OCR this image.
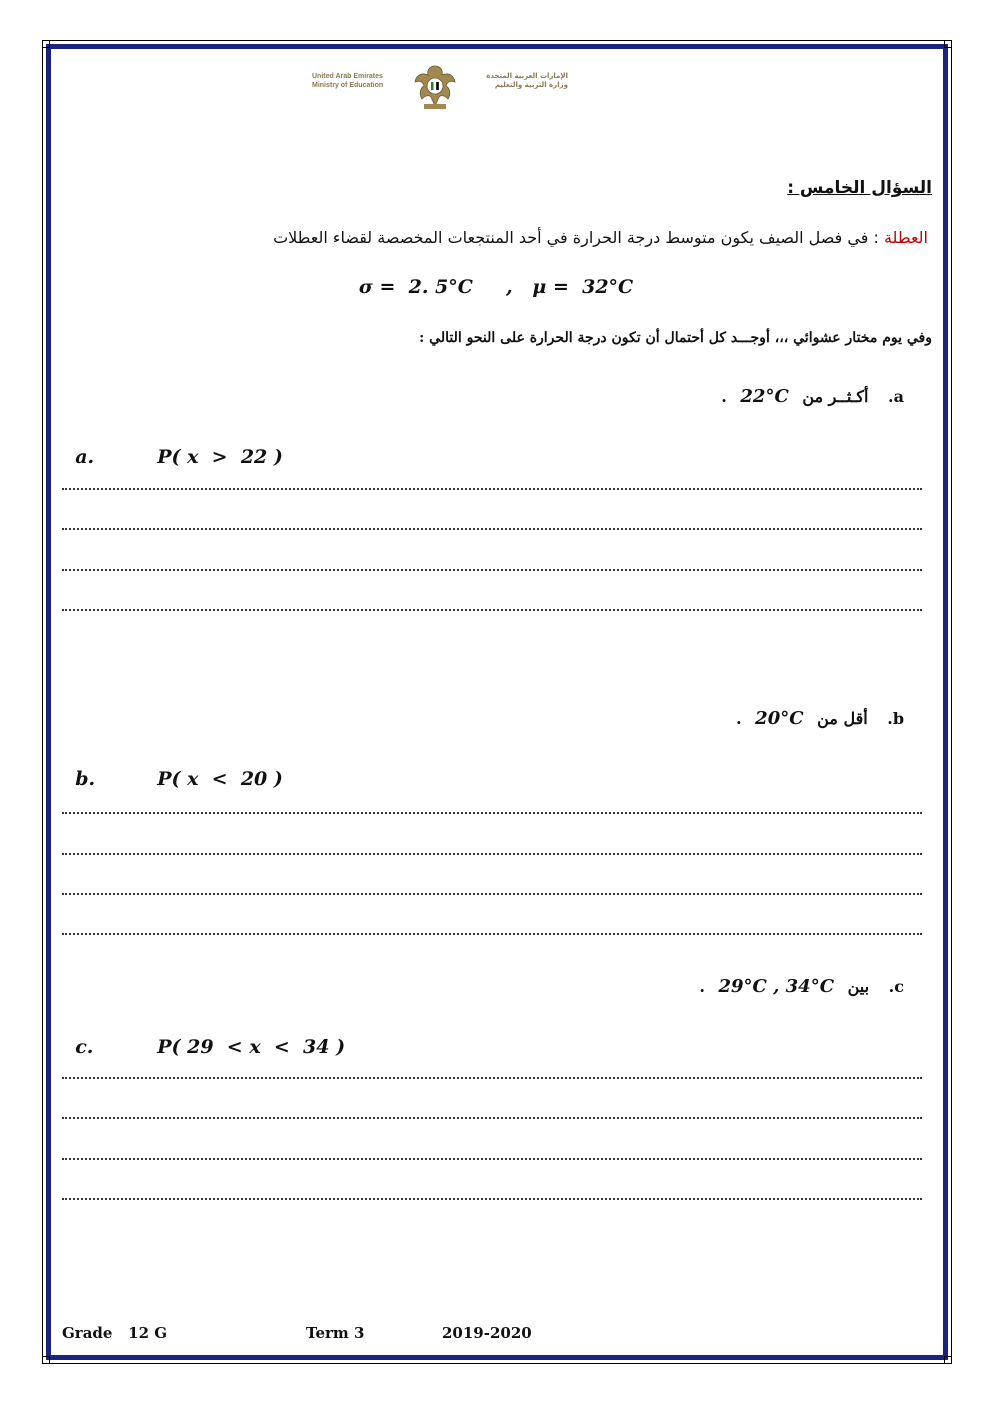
United Arab Emirates
Ministry of Education
الإمارات العربية المتحدة
وزارة التربية والتعليم
السؤال الخامس :
العطلة : في فصل الصيف يكون متوسط درجة الحرارة في أحد المنتجعات المخصصة لقضاء العطلات
σ =  2. 5°C     ,   μ =  32°C
وفي يوم مختار عشوائي ،،، أوجـــد كل أحتمال أن تكون درجة الحرارة على النحو التالي :
a. أكـثــر من 22°C .

a.	P( x  >  22 )

b. أقل من 20°C .

b.	P( x  <  20 )

c. بين 29°C , 34°C .

c.	P( 29  < x  <  34 )

Grade   12 G	Term 3	2019-2020
